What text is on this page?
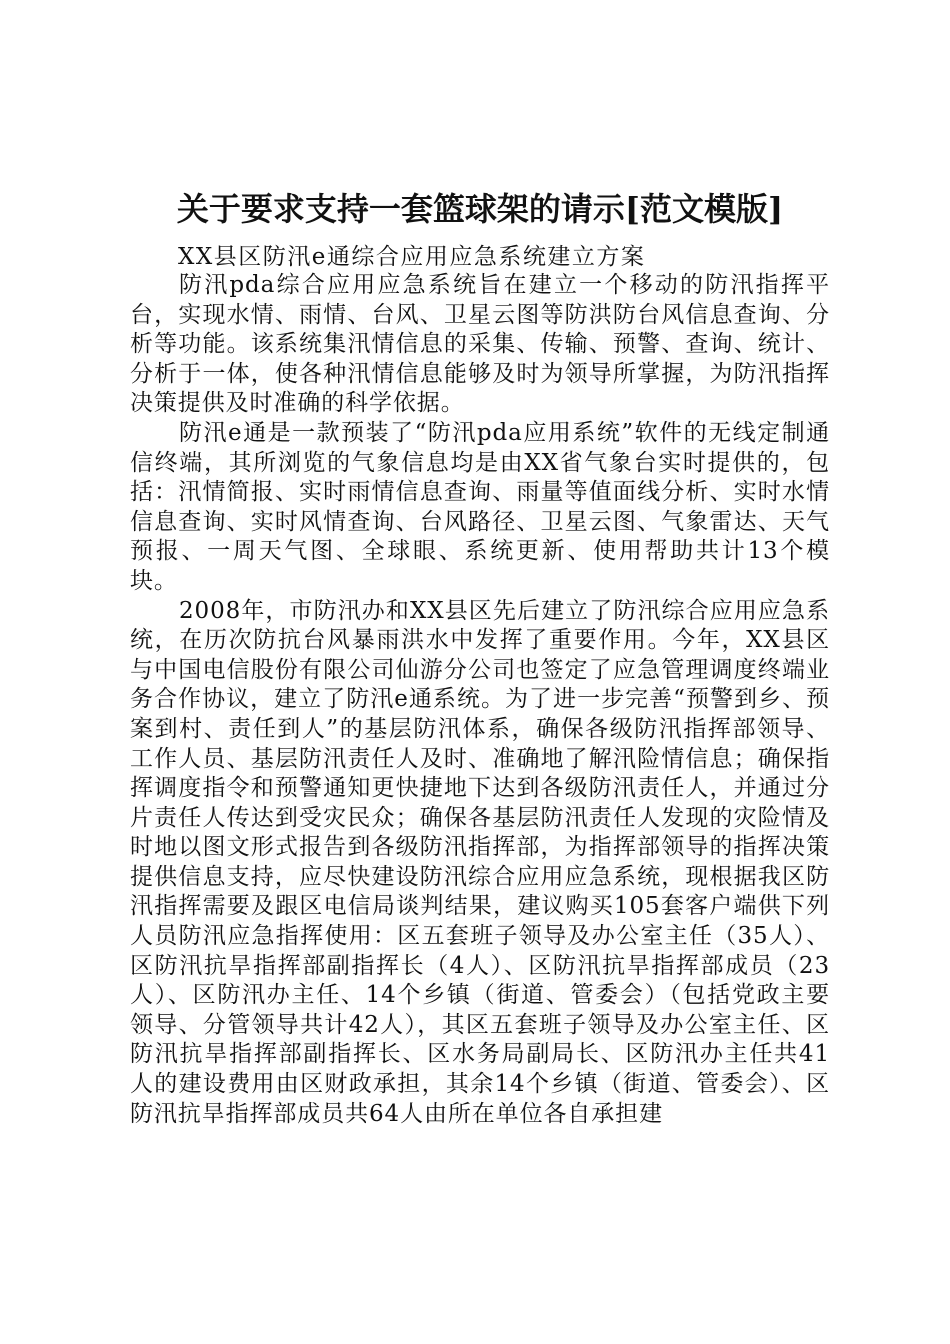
关于要求支持一套篮球架的请示[范文模版]
XX县区防汛e通综合应用应急系统建立方案

防汛pda综合应用应急系统旨在建立一个移动的防汛指挥平台，实现水情、雨情、台风、卫星云图等防洪防台风信息查询、分析等功能。该系统集汛情信息的采集、传输、预警、查询、统计、分析于一体，使各种汛情信息能够及时为领导所掌握，为防汛指挥决策提供及时准确的科学依据。

防汛e通是一款预装了“防汛pda应用系统”软件的无线定制通信终端，其所浏览的气象信息均是由XX省气象台实时提供的，包括：汛情简报、实时雨情信息查询、雨量等值面线分析、实时水情信息查询、实时风情查询、台风路径、卫星云图、气象雷达、天气预报、一周天气图、全球眼、系统更新、使用帮助共计13个模块。

2008年，市防汛办和XX县区先后建立了防汛综合应用应急系统，在历次防抗台风暴雨洪水中发挥了重要作用。今年，XX县区与中国电信股份有限公司仙游分公司也签定了应急管理调度终端业务合作协议，建立了防汛e通系统。为了进一步完善“预警到乡、预案到村、责任到人”的基层防汛体系，确保各级防汛指挥部领导、工作人员、基层防汛责任人及时、准确地了解汛险情信息；确保指挥调度指令和预警通知更快捷地下达到各级防汛责任人，并通过分片责任人传达到受灾民众；确保各基层防汛责任人发现的灾险情及时地以图文形式报告到各级防汛指挥部，为指挥部领导的指挥决策提供信息支持，应尽快建设防汛综合应用应急系统，现根据我区防汛指挥需要及跟区电信局谈判结果，建议购买105套客户端供下列人员防汛应急指挥使用：区五套班子领导及办公室主任（35人）、区防汛抗旱指挥部副指挥长（4人）、区防汛抗旱指挥部成员（23人）、区防汛办主任、14个乡镇（街道、管委会）（包括党政主要领导、分管领导共计42人），其区五套班子领导及办公室主任、区防汛抗旱指挥部副指挥长、区水务局副局长、区防汛办主任共41人的建设费用由区财政承担，其余14个乡镇（街道、管委会）、区防汛抗旱指挥部成员共64人由所在单位各自承担建
